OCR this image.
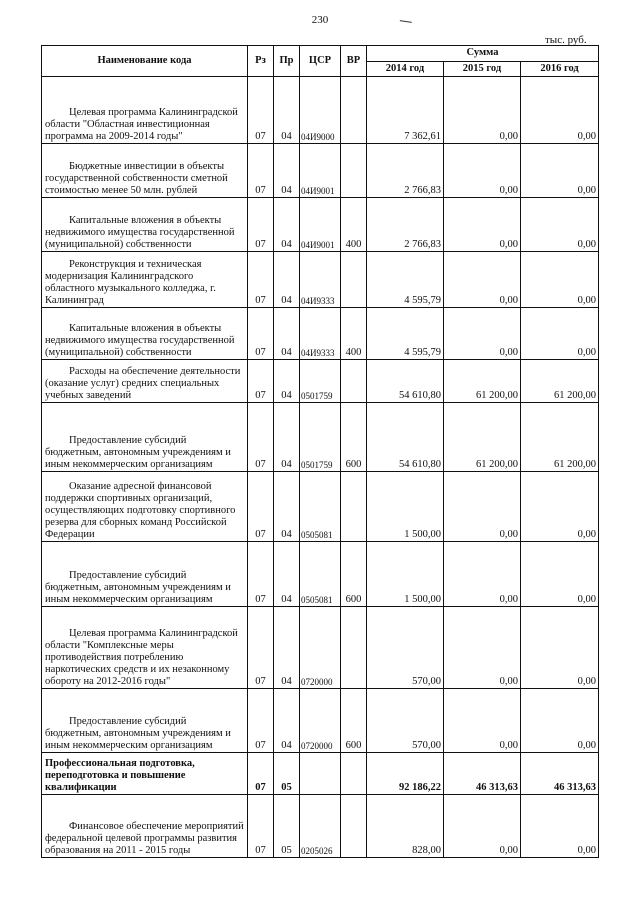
230
тыс. руб.
Наименование кода	Рз	Пр	ЦСР	ВР	Сумма		
					2014 год	2015 год	2016 год
Целевая программа Калининградской области "Областная инвестиционная программа на 2009-2014 годы"	07	04	04И9000		7 362,61	0,00	0,00
Бюджетные инвестиции в объекты государственной собственности сметной стоимостью менее 50 млн. рублей	07	04	04И9001		2 766,83	0,00	0,00
Капитальные вложения в объекты недвижимого имущества государственной (муниципальной) собственности	07	04	04И9001	400	2 766,83	0,00	0,00
Реконструкция и техническая модернизация Калининградского областного музыкального колледжа, г. Калининград	07	04	04И9333		4 595,79	0,00	0,00
Капитальные вложения в объекты недвижимого имущества государственной (муниципальной) собственности	07	04	04И9333	400	4 595,79	0,00	0,00
Расходы на обеспечение деятельности (оказание услуг) средних специальных учебных заведений	07	04	0501759		54 610,80	61 200,00	61 200,00
Предоставление субсидий бюджетным, автономным учреждениям и иным некоммерческим организациям	07	04	0501759	600	54 610,80	61 200,00	61 200,00
Оказание адресной финансовой поддержки спортивных организаций, осуществляющих подготовку спортивного резерва для сборных команд Российской Федерации	07	04	0505081		1 500,00	0,00	0,00
Предоставление субсидий бюджетным, автономным учреждениям и иным некоммерческим организациям	07	04	0505081	600	1 500,00	0,00	0,00
Целевая программа Калининградской области "Комплексные меры противодействия потреблению наркотических средств и их незаконному обороту на 2012-2016 годы"	07	04	0720000		570,00	0,00	0,00
Предоставление субсидий бюджетным, автономным учреждениям и иным некоммерческим организациям	07	04	0720000	600	570,00	0,00	0,00
Профессиональная подготовка, переподготовка и повышение квалификации	07	05			92 186,22	46 313,63	46 313,63
Финансовое обеспечение мероприятий федеральной целевой программы развития образования на 2011 - 2015 годы	07	05	0205026		828,00	0,00	0,00
